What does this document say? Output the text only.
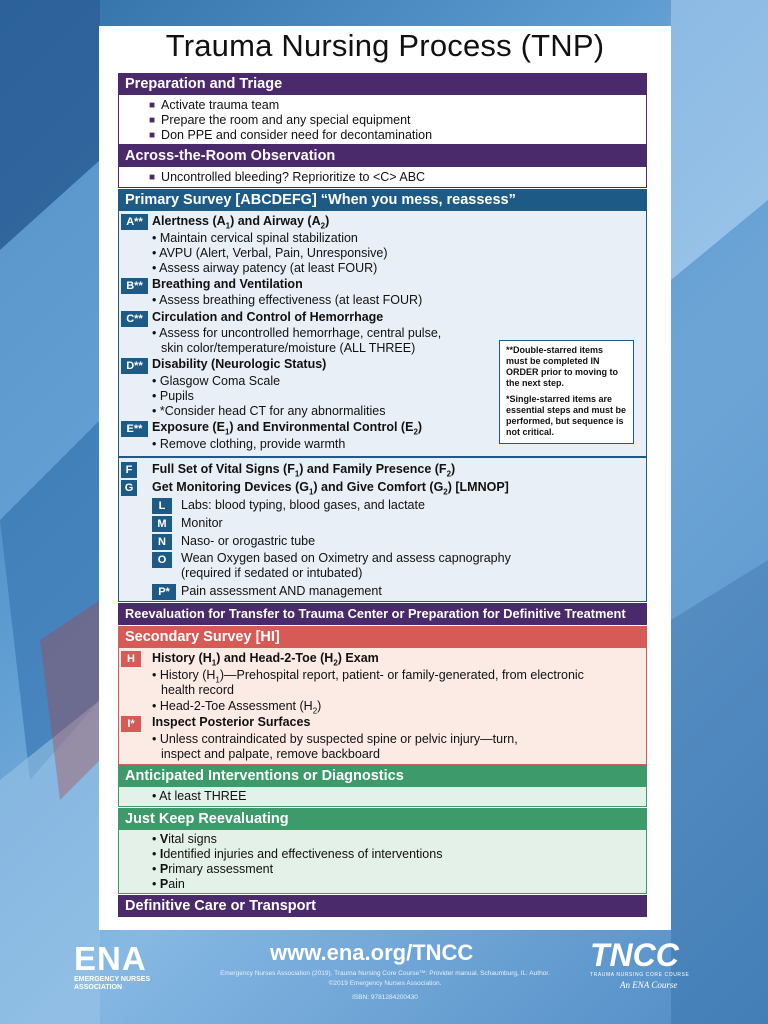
Trauma Nursing Process (TNP)
Preparation and Triage
■ Activate trauma team
■ Prepare the room and any special equipment
■ Don PPE and consider need for decontamination
Across-the-Room Observation
■ Uncontrolled bleeding? Reprioritize to <C> ABC
Primary Survey [ABCDEFG] “When you mess, reassess”
A** Alertness $(A_1)$ and Airway $(A_2)$
• Maintain cervical spinal stabilization
• AVPU (Alert, Verbal, Pain, Unresponsive)
• Assess airway patency (at least FOUR)
B** Breathing and Ventilation
• Assess breathing effectiveness (at least FOUR)
C** Circulation and Control of Hemorrhage
• Assess for uncontrolled hemorrhage, central pulse,
skin color/temperature/moisture (ALL THREE)
D** Disability (Neurologic Status)
• Glasgow Coma Scale
• Pupils
• *Consider head CT for any abnormalities
E** Exposure $(E_1)$ and Environmental Control $(E_2)$
• Remove clothing, provide warmth

**Double-starred items must be completed IN ORDER prior to moving to the next step.

*Single-starred items are essential steps and must be performed, but sequence is not critical.

F	Full Set of Vital Signs $(F_1)$ and Family Presence $(F_2)$
G Get Monitoring Devices $(G_1)$ and Give Comfort $(G_2)$ [LMNOP]
L	Labs: blood typing, blood gases, and lactate
M	Monitor
N	Naso- or orogastric tube
O	Wean Oxygen based on Oximetry and assess capnography
(required if sedated or intubated)
P* Pain assessment AND management
Reevaluation for Transfer to Trauma Center or Preparation for Definitive Treatment
Secondary Survey [HI]
H	History $(H_1)$ and Head-2-Toe $(H_2)$ Exam
• History $(H_1)—Prehospital$ report, patient- or family-generated, from electronic
health record
• Head-2-Toe Assessment $(H_2)$
I*	Inspect Posterior Surfaces
• Unless contraindicated by suspected spine or pelvic injury—turn,
inspect and palpate, remove backboard
Anticipated Interventions or Diagnostics
• At least THREE
Just Keep Reevaluating
• Vital signs
• Identified injuries and effectiveness of interventions
• Primary assessment
• Pain
Definitive Care or Transport
ENA
EMERGENCY NURSES
ASSOCIATION
www.ena.org/TNCC
Emergency Nurses Association (2019). Trauma Nursing Core Course™: Provider manual. Schaumburg, IL: Author.
©2019 Emergency Nurses Association.
ISBN: 9781284200430
TNCC
TRAUMA NURSING CORE COURSE
An ENA Course
